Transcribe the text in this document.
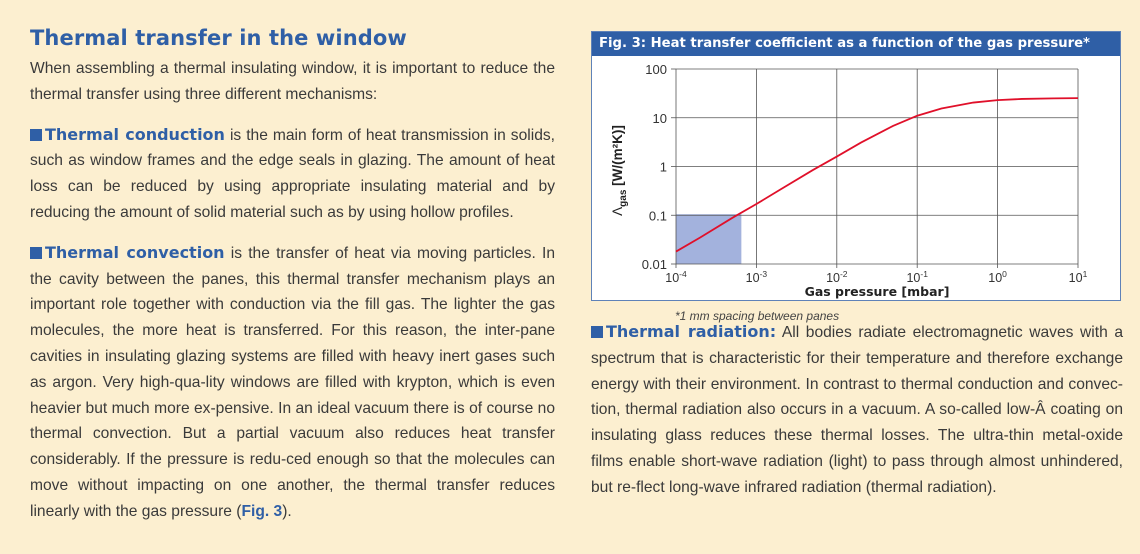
Thermal transfer in the window

When assembling a thermal insulating window, it is important to reduce the thermal transfer using three different mechanisms:

Thermal conduction is the main form of heat transmission in solids, such as window frames and the edge seals in glazing. The amount of heat loss can be reduced by using appropriate insulating material and by reducing the amount of solid material such as by using hollow profiles.

Thermal convection is the transfer of heat via moving particles. In the cavity between the panes, this thermal transfer mechanism plays an important role together with conduction via the fill gas. The lighter the gas molecules, the more heat is transferred. For this reason, the inter-pane cavities in insulating glazing systems are filled with heavy inert gases such as argon. Very high-qua-lity windows are filled with krypton, which is even heavier but much more ex-pensive. In an ideal vacuum there is of course no thermal convection. But a partial vacuum also reduces heat transfer considerably. If the pressure is redu-ced enough so that the molecules can move without impacting on one another, the thermal transfer reduces linearly with the gas pressure (Fig. 3).

Fig. 3: Heat transfer coefficient as a function of the gas pressure*
0.01
0.1
1
10
100
$10^{-4}$	$10^{-3}$	$10^{-2}$	$10^{-1}$	$10^0$	$10^1$
Gas pressure [mbar]
$\Lambda_{gas}$ [W/(m²K)]
*1 mm spacing between panes

Thermal radiation: All bodies radiate electromagnetic waves with a spectrum that is characteristic for their temperature and therefore exchange energy with their environment. In contrast to thermal conduction and convec-tion, thermal radiation also occurs in a vacuum. A so-called low-Â coating on insulating glass reduces these thermal losses. The ultra-thin metal-oxide films enable short-wave radiation (light) to pass through almost unhindered, but re-flect long-wave infrared radiation (thermal radiation).
